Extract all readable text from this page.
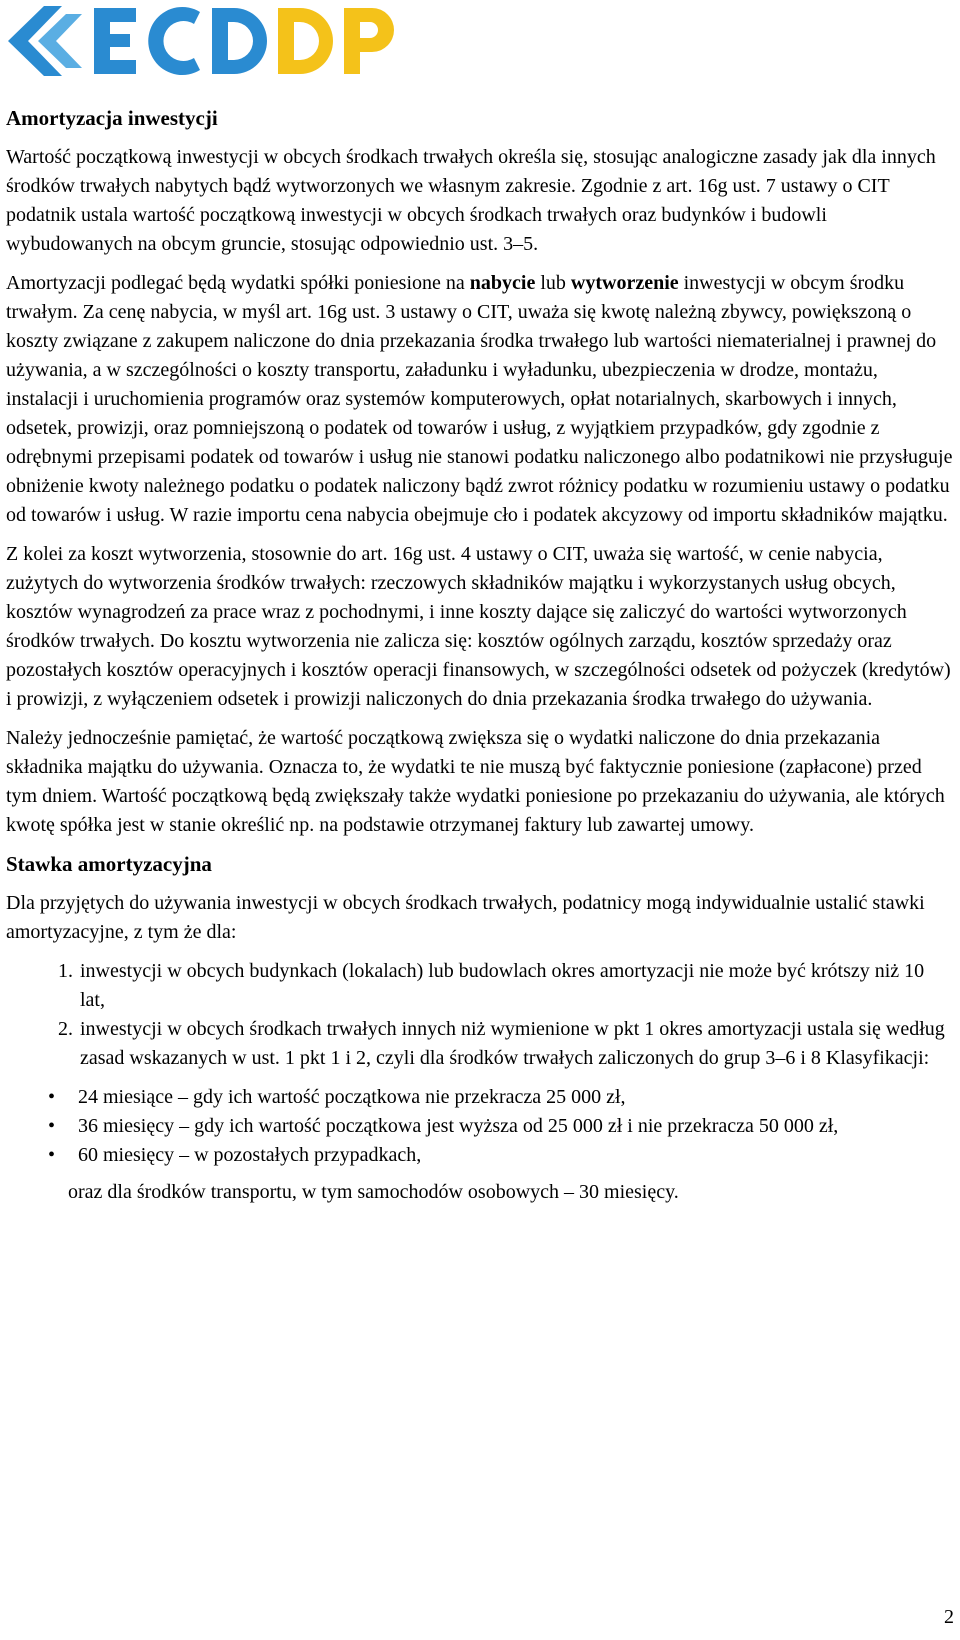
Amortyzacja inwestycji

Wartość początkową inwestycji w obcych środkach trwałych określa się, stosując analogiczne zasady jak dla innych środków trwałych nabytych bądź wytworzonych we własnym zakresie. Zgodnie z art. 16g ust. 7 ustawy o CIT podatnik ustala wartość początkową inwestycji w obcych środkach trwałych oraz budynków i budowli wybudowanych na obcym gruncie, stosując odpowiednio ust. 3–5.

Amortyzacji podlegać będą wydatki spółki poniesione na nabycie lub wytworzenie inwestycji w obcym środku trwałym. Za cenę nabycia, w myśl art. 16g ust. 3 ustawy o CIT, uważa się kwotę należną zbywcy, powiększoną o koszty związane z zakupem naliczone do dnia przekazania środka trwałego lub wartości niematerialnej i prawnej do używania, a w szczególności o koszty transportu, załadunku i wyładunku, ubezpieczenia w drodze, montażu, instalacji i uruchomienia programów oraz systemów komputerowych, opłat notarialnych, skarbowych i innych, odsetek, prowizji, oraz pomniejszoną o podatek od towarów i usług, z wyjątkiem przypadków, gdy zgodnie z odrębnymi przepisami podatek od towarów i usług nie stanowi podatku naliczonego albo podatnikowi nie przysługuje obniżenie kwoty należnego podatku o podatek naliczony bądź zwrot różnicy podatku w rozumieniu ustawy o podatku od towarów i usług. W razie importu cena nabycia obejmuje cło i podatek akcyzowy od importu składników majątku.

Z kolei za koszt wytworzenia, stosownie do art. 16g ust. 4 ustawy o CIT, uważa się wartość, w cenie nabycia, zużytych do wytworzenia środków trwałych: rzeczowych składników majątku i wykorzystanych usług obcych, kosztów wynagrodzeń za prace wraz z pochodnymi, i inne koszty dające się zaliczyć do wartości wytworzonych środków trwałych. Do kosztu wytworzenia nie zalicza się: kosztów ogólnych zarządu, kosztów sprzedaży oraz pozostałych kosztów operacyjnych i kosztów operacji finansowych, w szczególności odsetek od pożyczek (kredytów) i prowizji, z wyłączeniem odsetek i prowizji naliczonych do dnia przekazania środka trwałego do używania.

Należy jednocześnie pamiętać, że wartość początkową zwiększa się o wydatki naliczone do dnia przekazania składnika majątku do używania. Oznacza to, że wydatki te nie muszą być faktycznie poniesione (zapłacone) przed tym dniem. Wartość początkową będą zwiększały także wydatki poniesione po przekazaniu do używania, ale których kwotę spółka jest w stanie określić np. na podstawie otrzymanej faktury lub zawartej umowy.

Stawka amortyzacyjna

Dla przyjętych do używania inwestycji w obcych środkach trwałych, podatnicy mogą indywidualnie ustalić stawki amortyzacyjne, z tym że dla:

1. inwestycji w obcych budynkach (lokalach) lub budowlach okres amortyzacji nie może być krótszy niż 10 lat,
2. inwestycji w obcych środkach trwałych innych niż wymienione w pkt 1 okres amortyzacji ustala się według zasad wskazanych w ust. 1 pkt 1 i 2, czyli dla środków trwałych zaliczonych do grup 3–6 i 8 Klasyfikacji:
• 24 miesiące – gdy ich wartość początkowa nie przekracza 25 000 zł,
• 36 miesięcy – gdy ich wartość początkowa jest wyższa od 25 000 zł i nie przekracza 50 000 zł,
• 60 miesięcy – w pozostałych przypadkach,

oraz dla środków transportu, w tym samochodów osobowych – 30 miesięcy.

2
